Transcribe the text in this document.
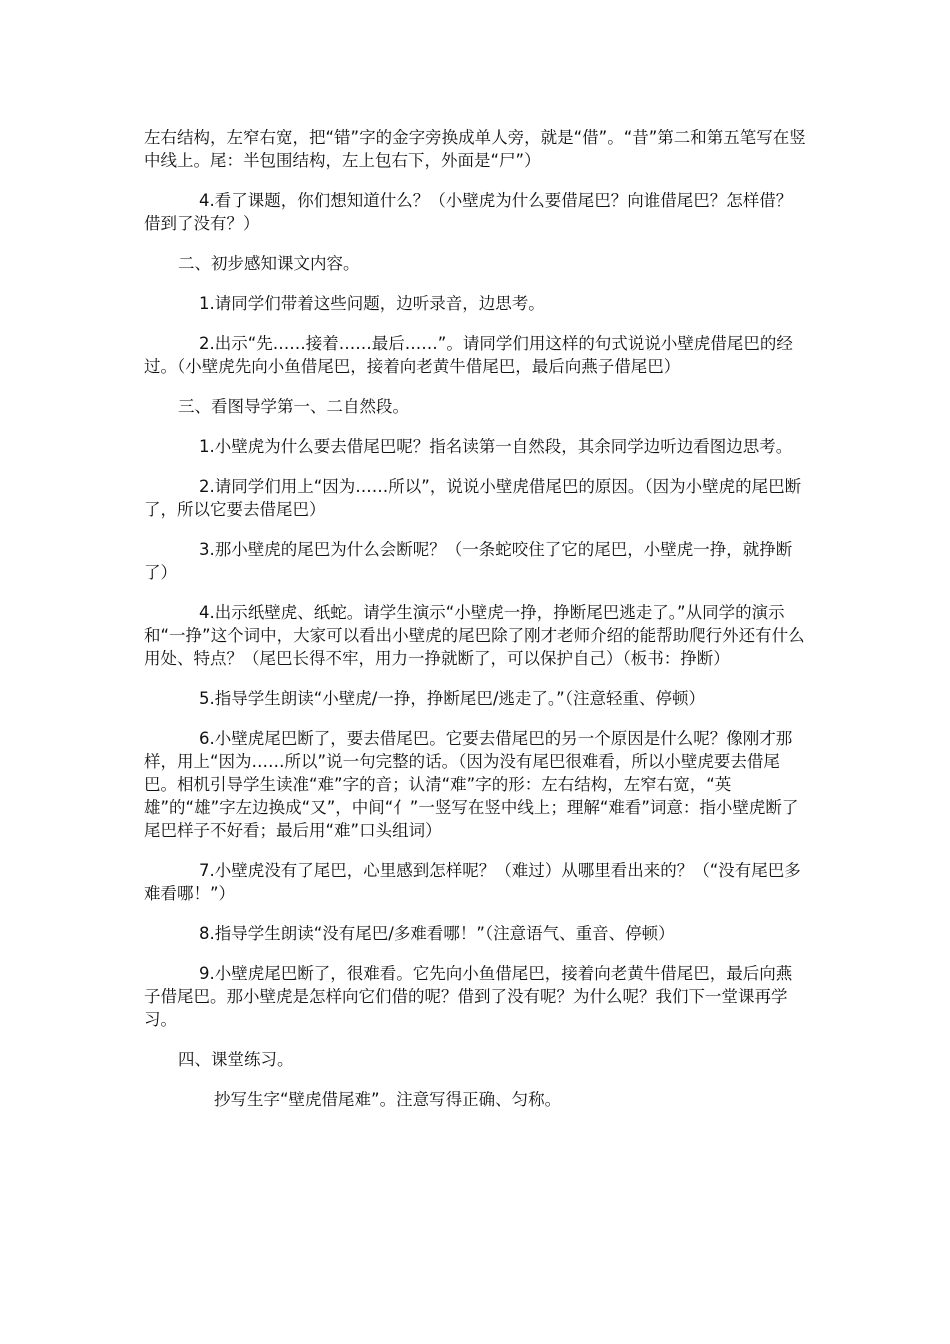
左右结构，左窄右宽，把“错”字的金字旁换成单人旁，就是“借”。“昔”第二和第五笔写在竖中线上。尾：半包围结构，左上包右下，外面是“尸”）

4.看了课题，你们想知道什么？（小壁虎为什么要借尾巴？向谁借尾巴？怎样借？借到了没有？）

二、初步感知课文内容。

1.请同学们带着这些问题，边听录音，边思考。

2.出示“先……接着……最后……”。请同学们用这样的句式说说小壁虎借尾巴的经过。（小壁虎先向小鱼借尾巴，接着向老黄牛借尾巴，最后向燕子借尾巴）

三、看图导学第一、二自然段。

1.小壁虎为什么要去借尾巴呢？指名读第一自然段，其余同学边听边看图边思考。

2.请同学们用上“因为……所以”，说说小壁虎借尾巴的原因。（因为小壁虎的尾巴断了，所以它要去借尾巴）

3.那小壁虎的尾巴为什么会断呢？（一条蛇咬住了它的尾巴，小壁虎一挣，就挣断了）

4.出示纸壁虎、纸蛇。请学生演示“小壁虎一挣，挣断尾巴逃走了。”从同学的演示和“一挣”这个词中，大家可以看出小壁虎的尾巴除了刚才老师介绍的能帮助爬行外还有什么用处、特点？（尾巴长得不牢，用力一挣就断了，可以保护自己）（板书：挣断）

5.指导学生朗读“小壁虎/一挣，挣断尾巴/逃走了。”（注意轻重、停顿）

6.小壁虎尾巴断了，要去借尾巴。它要去借尾巴的另一个原因是什么呢？像刚才那样，用上“因为……所以”说一句完整的话。（因为没有尾巴很难看，所以小壁虎要去借尾巴。相机引导学生读准“难”字的音；认清“难”字的形：左右结构，左窄右宽，“英雄”的“雄”字左边换成“又”，中间“亻”一竖写在竖中线上；理解“难看”词意：指小壁虎断了尾巴样子不好看；最后用“难”口头组词）

7.小壁虎没有了尾巴，心里感到怎样呢？（难过）从哪里看出来的？（“没有尾巴多难看哪！”）

8.指导学生朗读“没有尾巴/多难看哪！”（注意语气、重音、停顿）

9.小壁虎尾巴断了，很难看。它先向小鱼借尾巴，接着向老黄牛借尾巴，最后向燕子借尾巴。那小壁虎是怎样向它们借的呢？借到了没有呢？为什么呢？我们下一堂课再学习。

四、课堂练习。

抄写生字“壁虎借尾难”。注意写得正确、匀称。
